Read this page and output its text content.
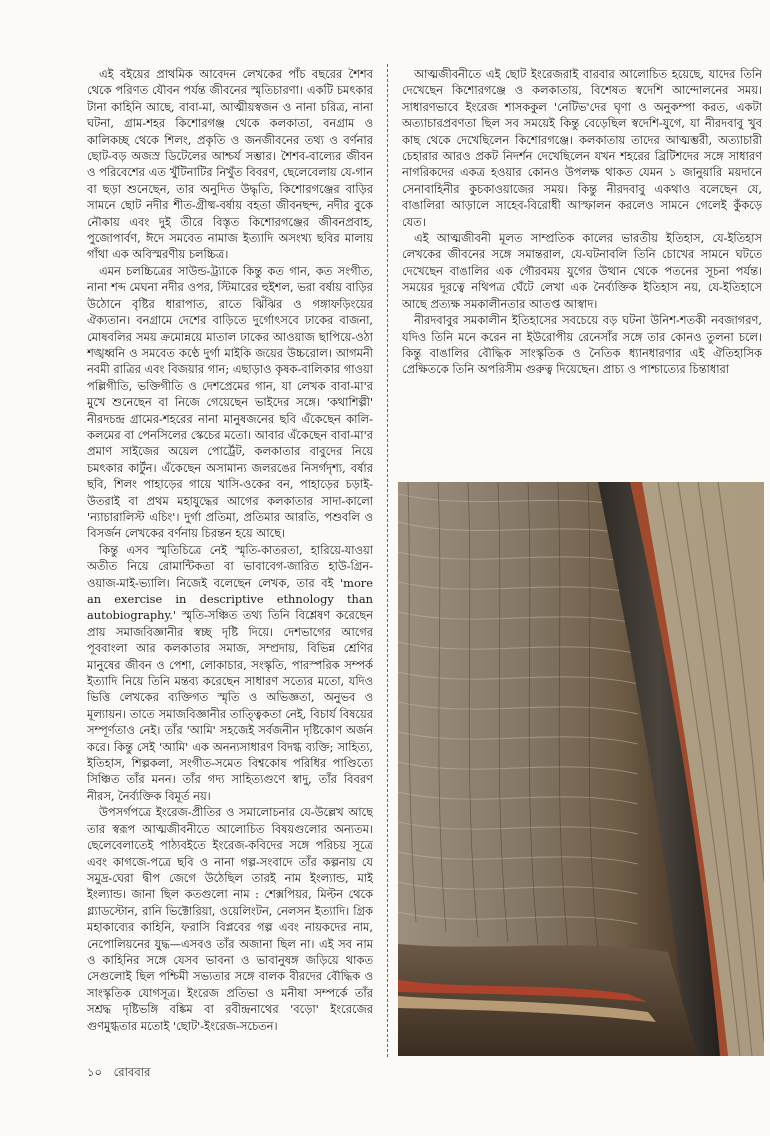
এই বইয়ের প্রাথমিক আবেদন লেখকের পাঁচ বছরের শৈশব থেকে পরিণত যৌবন পর্যন্ত জীবনের স্মৃতিচারণা। একটি চমৎকার টানা কাহিনি আছে, বাবা-মা, আত্মীয়স্বজন ও নানা চরিত্র, নানা ঘটনা, গ্রাম-শহর কিশোরগঞ্জ থেকে কলকাতা, বনগ্রাম ও কালিকচ্ছ থেকে শিলং, প্রকৃতি ও জনজীবনের তথ্য ও বর্ণনার ছোট-বড় অজস্র ডিটেলের আশ্চর্য সম্ভার। শৈশব-বাল্যের জীবন ও পরিবেশের এত খুঁটিনাটির নিখুঁত বিবরণ, ছেলেবেলায় যে-গান বা ছড়া শুনেছেন, তার অনুদিত উদ্ধৃতি, কিশোরগঞ্জের বাড়ির সামনে ছোট নদীর শীত-গ্রীষ্ম-বর্ষায় বহতা জীবনছন্দ, নদীর বুকে নৌকায় এবং দুই তীরে বিস্তৃত কিশোরগঞ্জের জীবনপ্রবাহ, পুজোপার্বণ, ঈদে সমবেত নামাজ ইত্যাদি অসংখ্য ছবির মালায় গাঁথা এক অবিস্মরণীয় চলচ্চিত্র।

এমন চলচ্চিত্রের সাউন্ড-ট্র্যাকে কিন্তু কত গান, কত সংগীত, নানা শব্দ মেঘনা নদীর ওপর, স্টিমারের হুইশল, ভরা বর্ষায় বাড়ির উঠোনে বৃষ্টির ধারাপাত, রাতে ঝিঁঝির ও গঙ্গাফড়িংয়ের ঐক্যতান। বনগ্রামে দেশের বাড়িতে দুর্গোৎসবে ঢাকের বাজনা, মোষবলির সময় ক্রমোন্নয়ে মাতাল ঢাকের আওয়াজ ছাপিয়ে-ওঠা শঙ্খধ্বনি ও সমবেত কণ্ঠে দুর্গা মাইকি জয়ের উচ্চরোল। আগমনী নবমী রাত্রির এবং বিজয়ার গান; এছাড়াও কৃষক-বালিকার গাওয়া পল্লিগীতি, ভক্তিগীতি ও দেশপ্রেমের গান, যা লেখক বাবা-মা'র মুখে শুনেছেন বা নিজে গেয়েছেন ভাইদের সঙ্গে। 'কথাশিল্পী' নীরদচন্দ্র গ্রামের-শহরের নানা মানুষজনের ছবি এঁকেছেন কালি-কলমের বা পেনসিলের স্কেচের মতো। আবার এঁকেছেন বাবা-মা'র প্রমাণ সাইজের অয়েল পোর্ট্রেট, কলকাতার বাবুদের নিয়ে চমৎকার কার্টুন। এঁকেছেন অসামান্য জলরঙের নিসর্গদৃশ্য, বর্ষার ছবি, শিলং পাহাড়ের গায়ে খাসি-ওকের বন, পাহাড়ের চড়াই-উতরাই বা প্রথম মহাযুদ্ধের আগের কলকাতার সাদা-কালো 'ন্যাচারালিস্ট এচিং'। দুর্গা প্রতিমা, প্রতিমার আরতি, পশুবলি ও বিসর্জন লেখকের বর্ণনায় চিরন্তন হয়ে আছে।

কিন্তু এসব স্মৃতিচিত্রে নেই স্মৃতি-কাতরতা, হারিয়ে-যাওয়া অতীত নিয়ে রোমান্টিকতা বা ভাবাবেগ-জারিত হাউ-গ্রিন-ওয়াজ-মাই-ভ্যালি। নিজেই বলেছেন লেখক, তার বই 'more an exercise in descriptive ethnology than autobiography.' স্মৃতি-সঞ্চিত তথ্য তিনি বিশ্লেষণ করেছেন প্রায় সমাজবিজ্ঞানীর স্বচ্ছ দৃষ্টি দিয়ে। দেশভাগের আগের পূববাংলা আর কলকাতার সমাজ, সম্প্রদায়, বিভিন্ন শ্রেণির মানুষের জীবন ও পেশা, লোকাচার, সংস্কৃতি, পারস্পরিক সম্পর্ক ইত্যাদি নিয়ে তিনি মন্তব্য করেছেন সাধারণ সত্যের মতো, যদিও ভিত্তি লেখকের ব্যক্তিগত স্মৃতি ও অভিজ্ঞতা, অনুভব ও মূল্যায়ন। তাতে সমাজবিজ্ঞানীর তাত্ত্বিকতা নেই, বিচার্য বিষয়ের সম্পূর্ণতাও নেই। তাঁর 'আমি' সহজেই সর্বজনীন দৃষ্টিকোণ অর্জন করে। কিন্তু সেই 'আমি' এক অনন্যসাধারণ বিদগ্ধ ব্যক্তি; সাহিত্য, ইতিহাস, শিল্পকলা, সংগীত-সমেত বিশ্বকোষ পরিধির পাণ্ডিত্যে সিঞ্চিত তাঁর মনন। তাঁর গদ্য সাহিত্যগুণে স্বাদু, তাঁর বিবরণ নীরস, নৈর্ব্যক্তিক বিমূর্ত নয়।

উপসর্গপত্রে ইংরেজ-প্রীতির ও সমালোচনার যে-উল্লেখ আছে তার স্বরূপ আত্মজীবনীতে আলোচিত বিষয়গুলোর অন্যতম। ছেলেবেলাতেই পাঠ্যবইতে ইংরেজ-কবিদের সঙ্গে পরিচয় সূত্রে এবং কাগজে-পত্রে ছবি ও নানা গল্প-সংবাদে তাঁর কল্পনায় যে সমুদ্র-ঘেরা দ্বীপ জেগে উঠেছিল তারই নাম ইংল্যান্ড, মাই ইংল্যান্ড। জানা ছিল কতগুলো নাম : শেক্সপিয়র, মিল্টন থেকে গ্ল্যাডস্টোন, রানি ভিক্টোরিয়া, ওয়েলিংটন, নেলসন ইত্যাদি। গ্রিক মহাকাব্যের কাহিনি, ফরাসি বিপ্লবের গল্প এবং নায়কদের নাম, নেপোলিয়নের যুদ্ধ—এসবও তাঁর অজানা ছিল না। এই সব নাম ও কাহিনির সঙ্গে যেসব ভাবনা ও ভাবানুষঙ্গ জড়িয়ে থাকত সেগুলোই ছিল পশ্চিমী সভ্যতার সঙ্গে বালক বীরদের বৌদ্ধিক ও সাংস্কৃতিক যোগসূত্র। ইংরেজ প্রতিভা ও মনীষা সম্পর্কে তাঁর সশ্রদ্ধ দৃষ্টিভঙ্গি বঙ্কিম বা রবীন্দ্রনাথের 'বড়ো' ইংরেজের গুণমুগ্ধতার মতোই 'ছোট'-ইংরেজ-সচেতন।

আত্মজীবনীতে এই ছোট ইংরেজরাই বারবার আলোচিত হয়েছে, যাদের তিনি দেখেছেন কিশোরগঞ্জে ও কলকাতায়, বিশেষত স্বদেশি আন্দোলনের সময়। সাধারণভাবে ইংরেজ শাসককুল 'নেটিভ'দের ঘৃণা ও অনুকম্পা করত, একটা অত্যাচারপ্রবণতা ছিল সব সময়েই কিন্তু বেড়েছিল স্বদেশি-যুগে, যা নীরদবাবু খুব কাছ থেকে দেখেছিলেন কিশোরগঞ্জে। কলকাতায় তাদের আত্মম্ভরী, অত্যাচারী চেহারার আরও প্রকট নিদর্শন দেখেছিলেন যখন শহরের ব্রিটিশদের সঙ্গে সাধারণ নাগরিকদের একত্র হওয়ার কোনও উপলক্ষ থাকত যেমন ১ জানুয়ারি ময়দানে সেনাবাহিনীর কুচকাওয়াজের সময়। কিন্তু নীরদবাবু একথাও বলেছেন যে, বাঙালিরা আড়ালে সাহেব-বিরোধী আস্ফালন করলেও সামনে গেলেই কুঁকড়ে যেত।

এই আত্মজীবনী মূলত সাম্প্রতিক কালের ভারতীয় ইতিহাস, যে-ইতিহাস লেখকের জীবনের সঙ্গে সমান্তরাল, যে-ঘটনাবলি তিনি চোখের সামনে ঘটতে দেখেছেন বাঙালির এক গৌরবময় যুগের উত্থান থেকে পতনের সূচনা পর্যন্ত। সময়ের দূরত্বে নথিপত্র ঘেঁটে লেখা এক নৈর্ব্যক্তিক ইতিহাস নয়, যে-ইতিহাসে আছে প্রত্যক্ষ সমকালীনতার আতপ্ত আস্বাদ।

নীরদবাবুর সমকালীন ইতিহাসের সবচেয়ে বড় ঘটনা উনিশ-শতকী নবজাগরণ, যদিও তিনি মনে করেন না ইউরোপীয় রেনেসাঁর সঙ্গে তার কোনও তুলনা চলে। কিন্তু বাঙালির বৌদ্ধিক সাংস্কৃতিক ও নৈতিক ধ্যানধারণার এই ঐতিহাসিক প্রেক্ষিতকে তিনি অপরিসীম গুরুত্ব দিয়েছেন। প্রাচ্য ও পাশ্চাত্যের চিন্তাধারা

১০ রোববার
